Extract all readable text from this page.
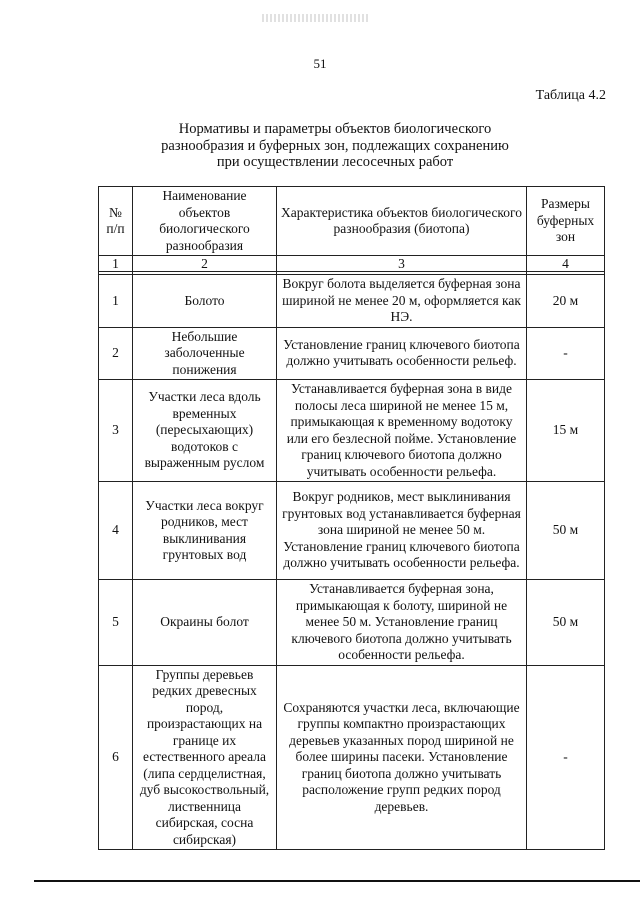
51
Таблица 4.2
Нормативы и параметры объектов биологического
разнообразия и буферных зон, подлежащих сохранению
при осуществлении лесосечных работ
№ п/п	Наименование объектов биологического разнообразия	Характеристика объектов биологического разнообразия (биотопа)	Размеры буферных зон
1	2	3	4

1	Болото	Вокруг болота выделяется буферная зона шириной не менее 20 м, оформляется как НЭ.	20 м
2	Небольшие заболоченные понижения	Установление границ ключевого биотопа должно учитывать особенности рельеф.	-
3	Участки леса вдоль временных (пересыхающих) водотоков с выраженным руслом	Устанавливается буферная зона в виде полосы леса шириной не менее 15 м, примыкающая к временному водотоку или его безлесной пойме. Установление границ ключевого биотопа должно учитывать особенности рельефа.	15 м
4	Участки леса вокруг родников, мест выклинивания грунтовых вод	Вокруг родников, мест выклинивания грунтовых вод устанавливается буферная зона шириной не менее 50 м. Установление границ ключевого биотопа должно учитывать особенности рельефа.	50 м
5	Окраины болот	Устанавливается буферная зона, примыкающая к болоту, шириной не менее 50 м. Установление границ ключевого биотопа должно учитывать особенности рельефа.	50 м
6	Группы деревьев редких древесных пород, произрастающих на границе их естественного ареала (липа сердцелистная, дуб высокоствольный, лиственница сибирская, сосна сибирская)	Сохраняются участки леса, включающие группы компактно произрастающих деревьев указанных пород шириной не более ширины пасеки. Установление границ биотопа должно учитывать расположение групп редких пород деревьев.	-
